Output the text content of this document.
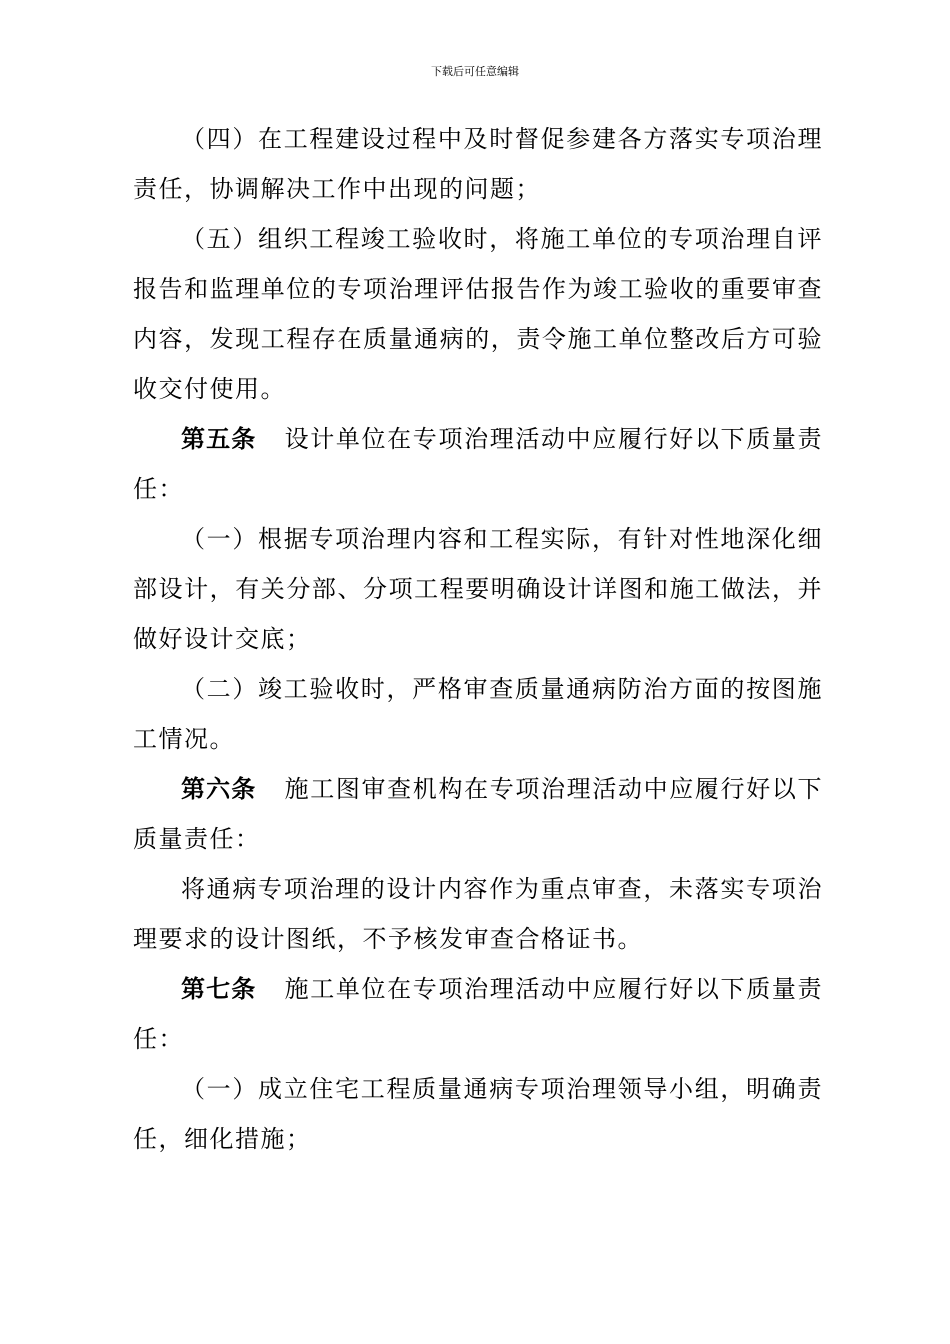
下载后可任意编辑

（四）在工程建设过程中及时督促参建各方落实专项治理责任，协调解决工作中出现的问题；

（五）组织工程竣工验收时，将施工单位的专项治理自评报告和监理单位的专项治理评估报告作为竣工验收的重要审查内容，发现工程存在质量通病的，责令施工单位整改后方可验收交付使用。

第五条 设计单位在专项治理活动中应履行好以下质量责任：

（一）根据专项治理内容和工程实际，有针对性地深化细部设计，有关分部、分项工程要明确设计详图和施工做法，并做好设计交底；

（二）竣工验收时，严格审查质量通病防治方面的按图施工情况。

第六条 施工图审查机构在专项治理活动中应履行好以下质量责任：

将通病专项治理的设计内容作为重点审查，未落实专项治理要求的设计图纸，不予核发审查合格证书。

第七条 施工单位在专项治理活动中应履行好以下质量责任：

（一）成立住宅工程质量通病专项治理领导小组，明确责任，细化措施；
